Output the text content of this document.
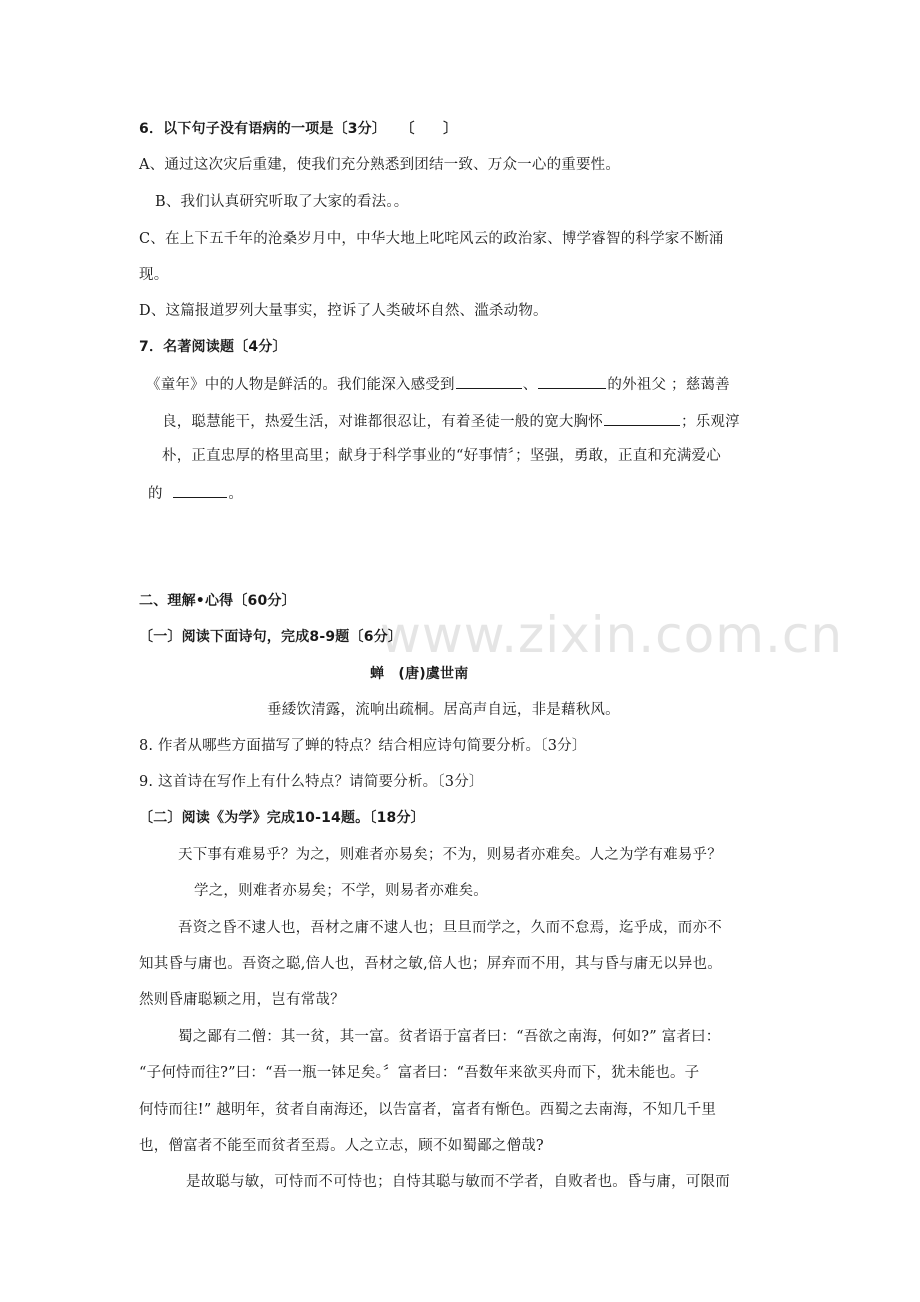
www.zixin.com.cn
6．以下句子没有语病的一项是〔3分〕　　〔　　〕
A、通过这次灾后重建，使我们充分熟悉到团结一致、万众一心的重要性。
B、我们认真研究听取了大家的看法。。
C、在上下五千年的沧桑岁月中，中华大地上叱咤风云的政治家、博学睿智的科学家不断涌
现。
D、这篇报道罗列大量事实，控诉了人类破坏自然、滥杀动物。
7．名著阅读题〔4分〕
《童年》中的人物是鲜活的。我们能深入感受到	、	的外祖父 ；慈蔼善
良，聪慧能干，热爱生活，对谁都很忍让，有着圣徒一般的宽大胸怀	；乐观淳
朴，正直忠厚的格里高里；献身于科学事业的“好事情〞；坚强，勇敢，正直和充满爱心
的	。
二、理解•心得〔60分〕
〔一〕阅读下面诗句，完成8-9题〔6分〕
蝉　(唐)虞世南
垂緌饮清露，流响出疏桐。居高声自远，非是藉秋风。
8. 作者从哪些方面描写了蝉的特点？结合相应诗句简要分析。〔3分〕
9. 这首诗在写作上有什么特点？请简要分析。〔3分〕
〔二〕阅读《为学》完成10-14题。〔18分〕
天下事有难易乎？为之，则难者亦易矣；不为，则易者亦难矣。人之为学有难易乎？
学之，则难者亦易矣；不学，则易者亦难矣。
吾资之昏不逮人也，吾材之庸不逮人也；旦旦而学之，久而不怠焉，迄乎成，而亦不
知其昏与庸也。吾资之聪,倍人也，吾材之敏,倍人也；屏弃而不用，其与昏与庸无以异也。
然则昏庸聪颖之用，岂有常哉？
蜀之鄙有二僧：其一贫，其一富。贫者语于富者曰：“吾欲之南海，何如?” 富者曰：
“子何恃而往?”曰：“吾一瓶一钵足矣。〞富者曰：“吾数年来欲买舟而下，犹未能也。子
何恃而往!” 越明年，贫者自南海还，以告富者，富者有惭色。西蜀之去南海，不知几千里
也，僧富者不能至而贫者至焉。人之立志，顾不如蜀鄙之僧哉?
是故聪与敏，可恃而不可恃也；自恃其聪与敏而不学者，自败者也。昏与庸，可限而
